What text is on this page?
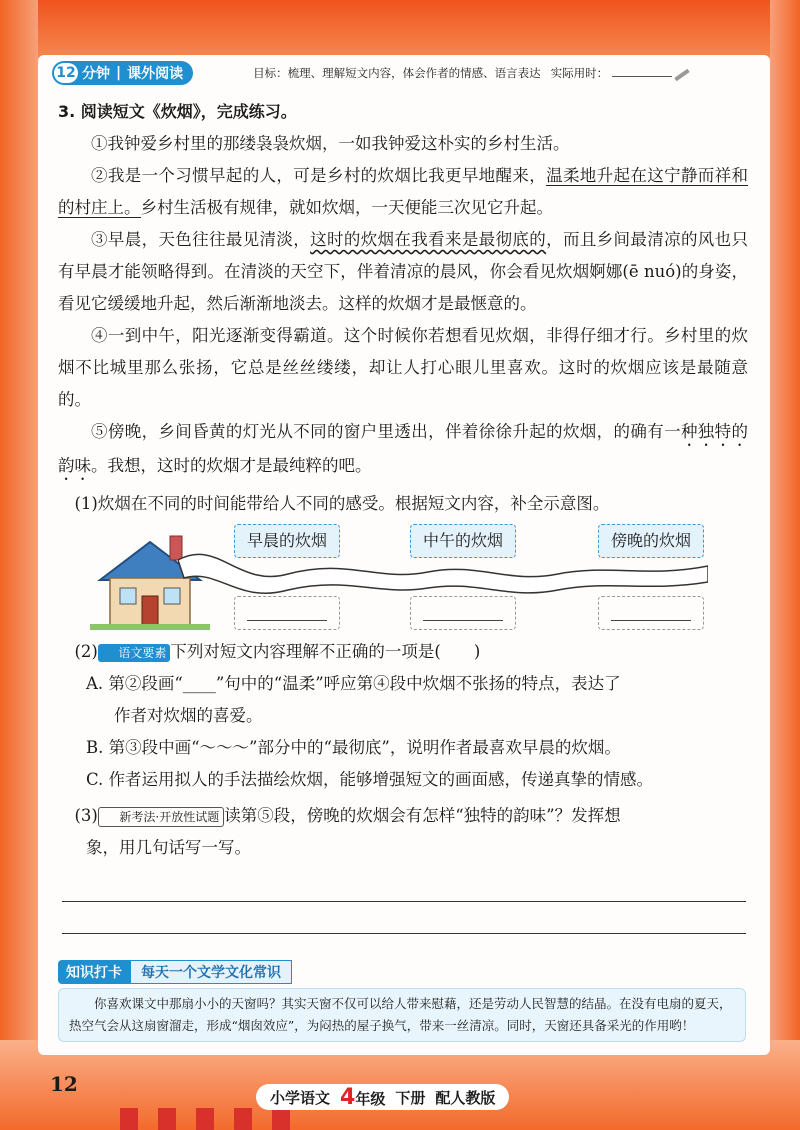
12 分钟 | 课外阅读	目标：梳理、理解短文内容，体会作者的情感、语言表达 实际用时：
3. 阅读短文《炊烟》，完成练习。

①我钟爱乡村里的那缕袅袅炊烟，一如我钟爱这朴实的乡村生活。

②我是一个习惯早起的人，可是乡村的炊烟比我更早地醒来，温柔地升起在这宁静而祥和的村庄上。乡村生活极有规律，就如炊烟，一天便能三次见它升起。

③早晨，天色往往最见清淡，这时的炊烟在我看来是最彻底的，而且乡间最清凉的风也只有早晨才能领略得到。在清淡的天空下，伴着清凉的晨风，你会看见炊烟婀娜(ē nuó)的身姿，看见它缓缓地升起，然后渐渐地淡去。这样的炊烟才是最惬意的。

④一到中午，阳光逐渐变得霸道。这个时候你若想看见炊烟，非得仔细才行。乡村里的炊烟不比城里那么张扬，它总是丝丝缕缕，却让人打心眼儿里喜欢。这时的炊烟应该是最随意的。

⑤傍晚，乡间昏黄的灯光从不同的窗户里透出，伴着徐徐升起的炊烟，的确有一种独特的韵味。我想，这时的炊烟才是最纯粹的吧。

(1)炊烟在不同的时间能带给人不同的感受。根据短文内容，补全示意图。

早晨的炊烟	中午的炊烟	傍晚的炊烟

(2) 语文要素 下列对短文内容理解不正确的一项是(　　)

A. 第②段画“____”句中的“温柔”呼应第④段中炊烟不张扬的特点，表达了

作者对炊烟的喜爱。

B. 第③段中画“～～～”部分中的“最彻底”，说明作者最喜欢早晨的炊烟。

C. 作者运用拟人的手法描绘炊烟，能够增强短文的画面感，传递真挚的情感。

(3) 新考法·开放性试题 读第⑤段，傍晚的炊烟会有怎样“独特的韵味”？发挥想

象，用几句话写一写。

知识打卡	每天一个文学文化常识
你喜欢课文中那扇小小的天窗吗？其实天窗不仅可以给人带来慰藉，还是劳动人民智慧的结晶。在没有电扇的夏天，热空气会从这扇窗溜走，形成“烟囱效应”，为闷热的屋子换气，带来一丝清凉。同时，天窗还具备采光的作用哟！
12
小学语文 4年级 下册 配人教版
